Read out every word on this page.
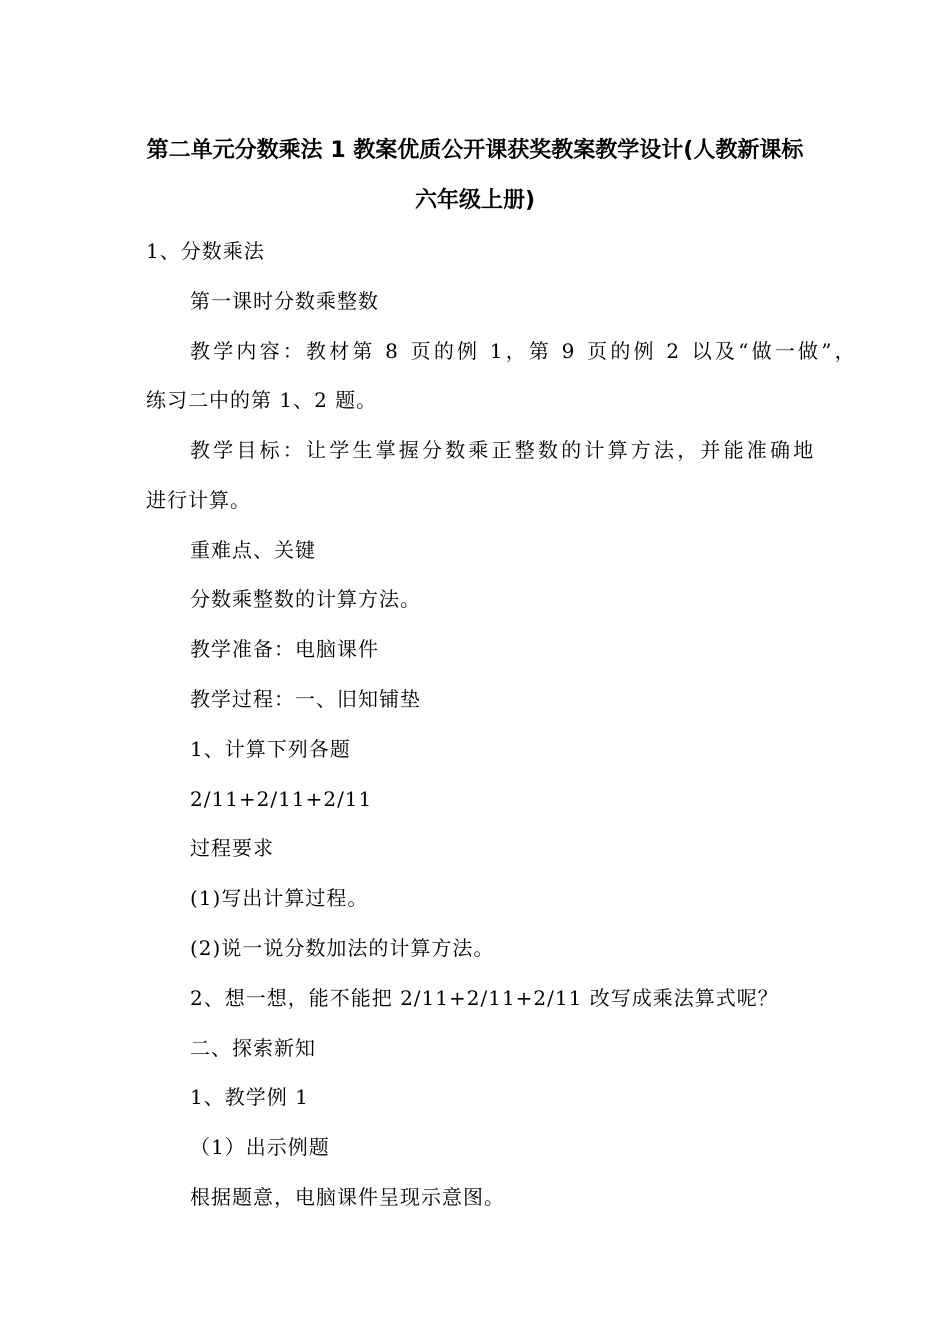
第二单元分数乘法 1 教案优质公开课获奖教案教学设计(人教新课标
六年级上册)
1、分数乘法
第一课时分数乘整数
教学内容：教材第 8 页的例 1，第 9 页的例 2 以及“做一做”，
练习二中的第 1、2 题。
教学目标：让学生掌握分数乘正整数的计算方法，并能准确地
进行计算。
重难点、关键
分数乘整数的计算方法。
教学准备：电脑课件
教学过程：一、旧知铺垫
1、计算下列各题
2/11+2/11+2/11
过程要求
(1)写出计算过程。
(2)说一说分数加法的计算方法。
2、想一想，能不能把 2/11+2/11+2/11 改写成乘法算式呢？
二、探索新知
1、教学例 1
（1）出示例题
根据题意，电脑课件呈现示意图。
